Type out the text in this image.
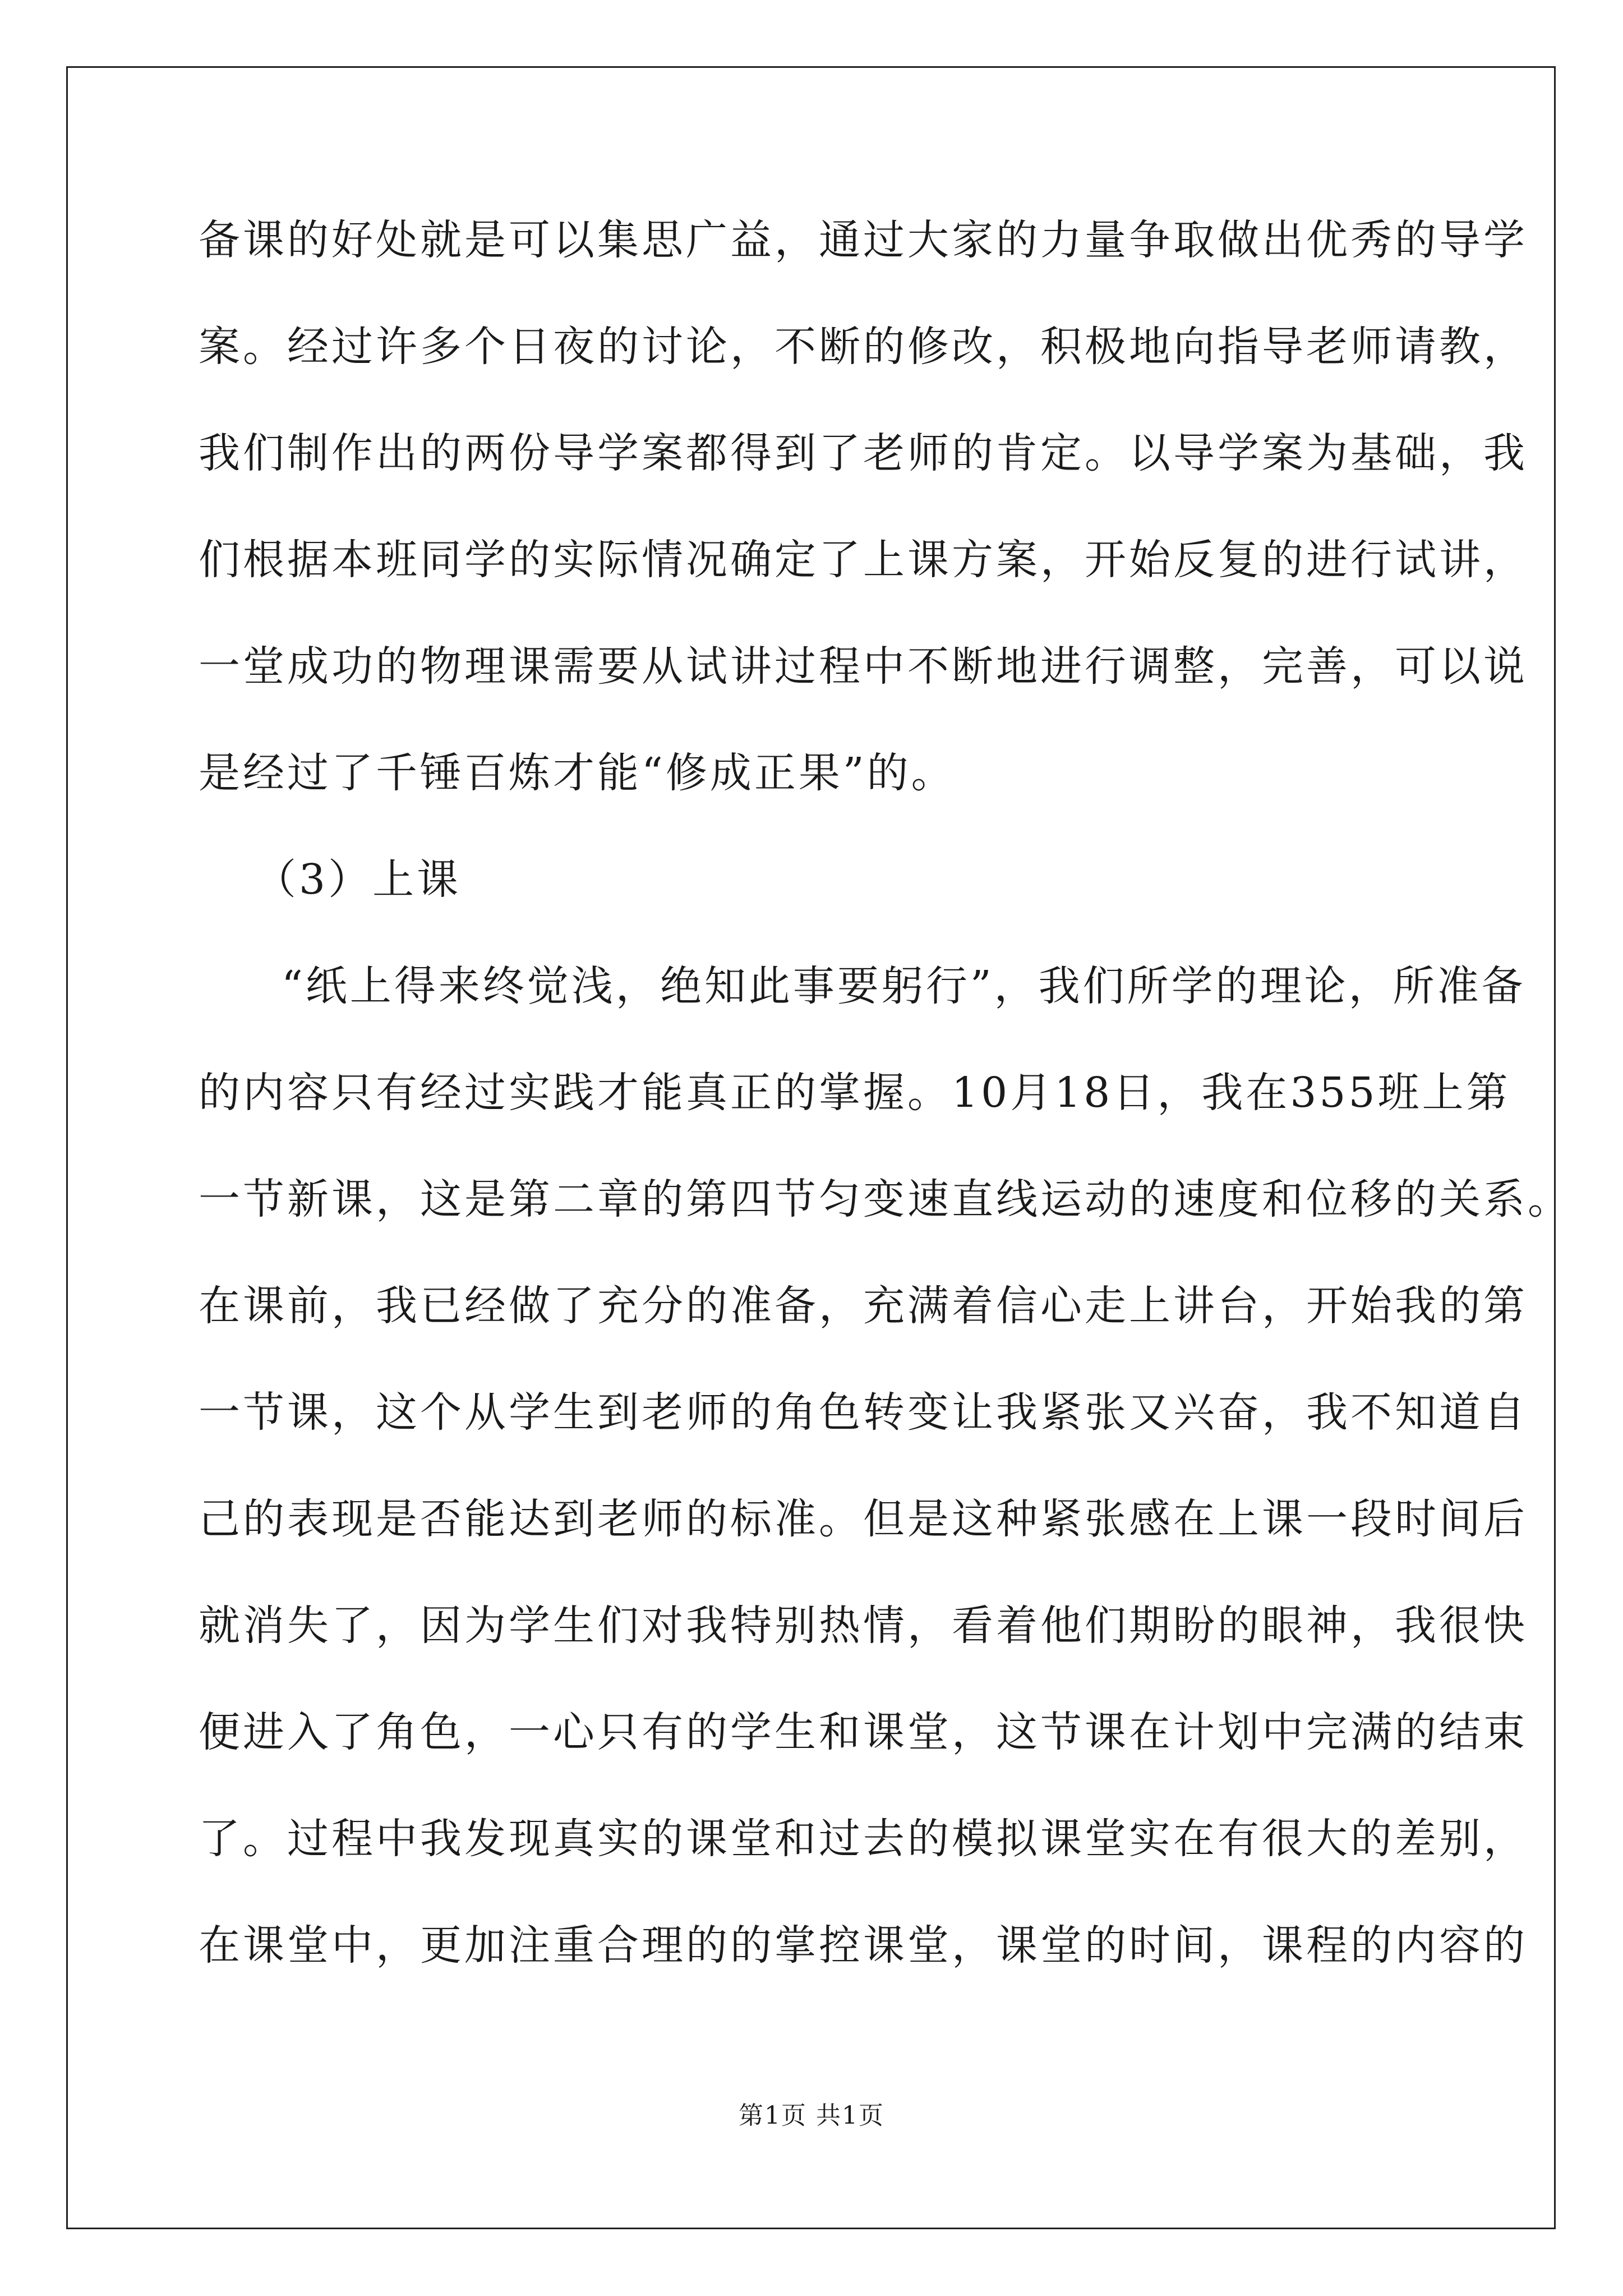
备课的好处就是可以集思广益，通过大家的力量争取做出优秀的导学
案。经过许多个日夜的讨论，不断的修改，积极地向指导老师请教，
我们制作出的两份导学案都得到了老师的肯定。以导学案为基础，我
们根据本班同学的实际情况确定了上课方案，开始反复的进行试讲，
一堂成功的物理课需要从试讲过程中不断地进行调整，完善，可以说
是经过了千锤百炼才能“修成正果”的。
（3）上课
“纸上得来终觉浅，绝知此事要躬行”，我们所学的理论，所准备
的内容只有经过实践才能真正的掌握。10月18日，我在355班上第
一节新课，这是第二章的第四节匀变速直线运动的速度和位移的关系。
在课前，我已经做了充分的准备，充满着信心走上讲台，开始我的第
一节课，这个从学生到老师的角色转变让我紧张又兴奋，我不知道自
己的表现是否能达到老师的标准。但是这种紧张感在上课一段时间后
就消失了，因为学生们对我特别热情，看着他们期盼的眼神，我很快
便进入了角色，一心只有的学生和课堂，这节课在计划中完满的结束
了。过程中我发现真实的课堂和过去的模拟课堂实在有很大的差别，
在课堂中，更加注重合理的的掌控课堂，课堂的时间，课程的内容的
第1页 共1页
